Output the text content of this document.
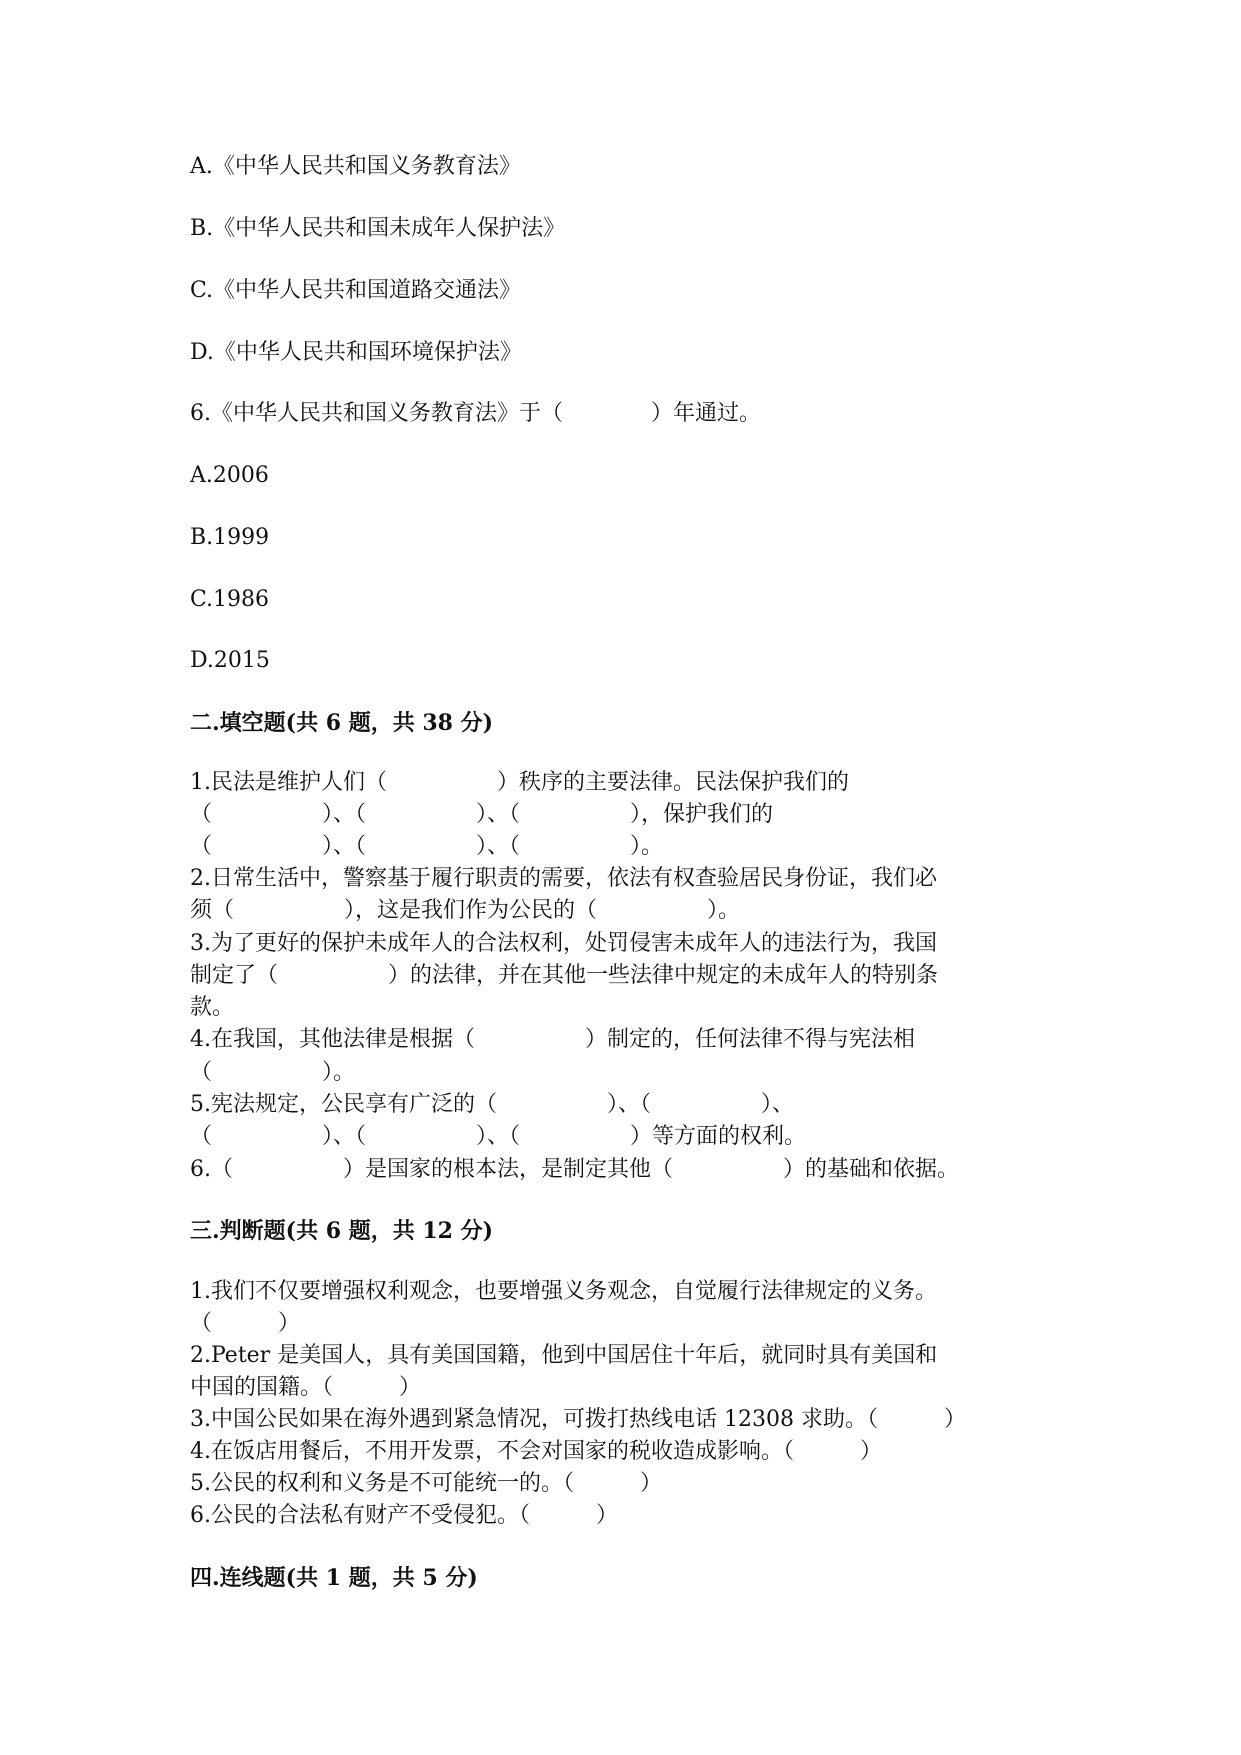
A.《中华人民共和国义务教育法》
B.《中华人民共和国未成年人保护法》
C.《中华人民共和国道路交通法》
D.《中华人民共和国环境保护法》
6.《中华人民共和国义务教育法》于（　　　　）年通过。
A.2006
B.1999
C.1986
D.2015
二.填空题(共 6 题，共 38 分)
1.民法是维护人们（　　　　　）秩序的主要法律。民法保护我们的
（　　　　　）、（　　　　　）、（　　　　　），保护我们的
（　　　　　）、（　　　　　）、（　　　　　）。
2.日常生活中，警察基于履行职责的需要，依法有权查验居民身份证，我们必
须（　　　　　），这是我们作为公民的（　　　　　）。
3.为了更好的保护未成年人的合法权利，处罚侵害未成年人的违法行为，我国
制定了（　　　　　）的法律，并在其他一些法律中规定的未成年人的特别条
款。
4.在我国，其他法律是根据（　　　　　）制定的，任何法律不得与宪法相
（　　　　　）。
5.宪法规定，公民享有广泛的（　　　　　）、（　　　　　）、
（　　　　　）、（　　　　　）、（　　　　　）等方面的权利。
6.（　　　　　）是国家的根本法，是制定其他（　　　　　）的基础和依据。
三.判断题(共 6 题，共 12 分)
1.我们不仅要增强权利观念，也要增强义务观念，自觉履行法律规定的义务。
（　　　）
2.Peter 是美国人，具有美国国籍，他到中国居住十年后，就同时具有美国和
中国的国籍。（　　　）
3.中国公民如果在海外遇到紧急情况，可拨打热线电话 12308 求助。（　　　）
4.在饭店用餐后，不用开发票，不会对国家的税收造成影响。（　　　）
5.公民的权利和义务是不可能统一的。（　　　）
6.公民的合法私有财产不受侵犯。（　　　）
四.连线题(共 1 题，共 5 分)
